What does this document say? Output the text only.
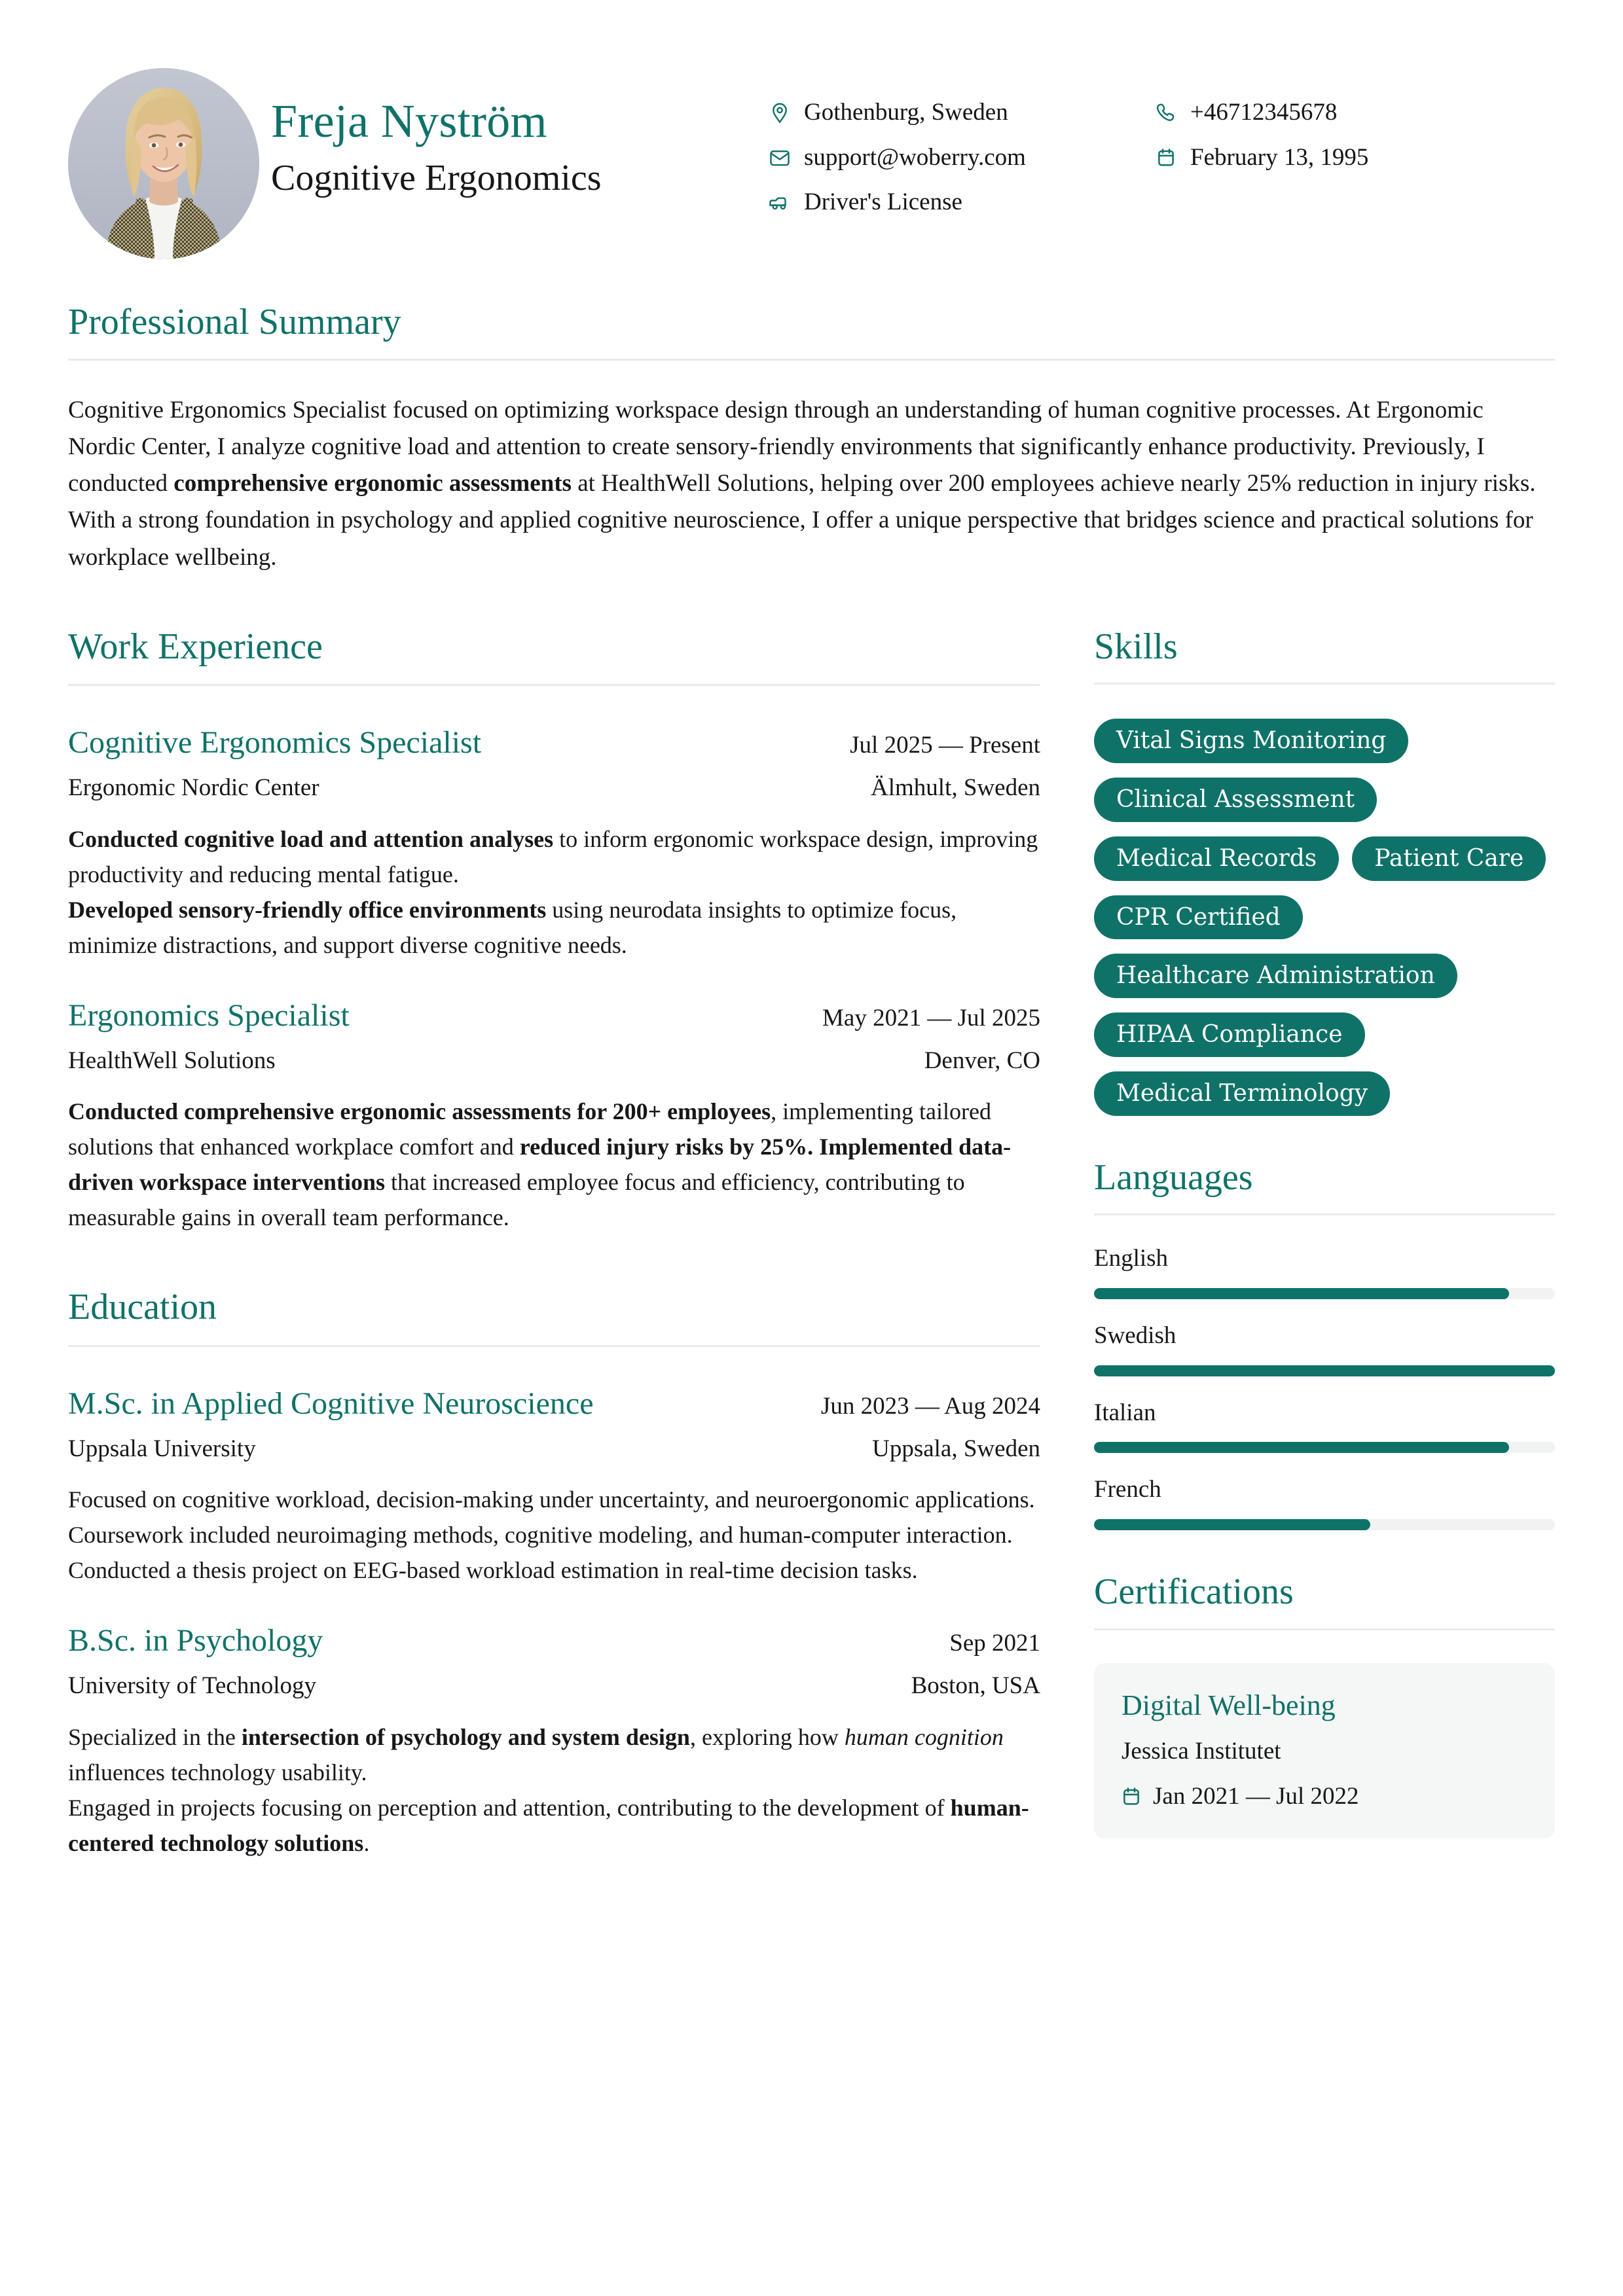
Freja Nyström
Cognitive Ergonomics
Gothenburg, Sweden
support@woberry.com
Driver's License
+46712345678
February 13, 1995
Professional Summary
Cognitive Ergonomics Specialist focused on optimizing workspace design through an understanding of human cognitive processes. At Ergonomic Nordic Center, I analyze cognitive load and attention to create sensory-friendly environments that significantly enhance productivity. Previously, I conducted comprehensive ergonomic assessments at HealthWell Solutions, helping over 200 employees achieve nearly 25% reduction in injury risks. With a strong foundation in psychology and applied cognitive neuroscience, I offer a unique perspective that bridges science and practical solutions for workplace wellbeing.
Work Experience
Cognitive Ergonomics Specialist	Jul 2025 — Present
Ergonomic Nordic Center	Älmhult, Sweden
Conducted cognitive load and attention analyses to inform ergonomic workspace design, improving productivity and reducing mental fatigue.
Developed sensory-friendly office environments using neurodata insights to optimize focus, minimize distractions, and support diverse cognitive needs.
Ergonomics Specialist	May 2021 — Jul 2025
HealthWell Solutions	Denver, CO
Conducted comprehensive ergonomic assessments for 200+ employees, implementing tailored solutions that enhanced workplace comfort and reduced injury risks by 25%. Implemented data-driven workspace interventions that increased employee focus and efficiency, contributing to measurable gains in overall team performance.
Education
M.Sc. in Applied Cognitive Neuroscience	Jun 2023 — Aug 2024
Uppsala University	Uppsala, Sweden
Focused on cognitive workload, decision-making under uncertainty, and neuroergonomic applications. Coursework included neuroimaging methods, cognitive modeling, and human-computer interaction. Conducted a thesis project on EEG-based workload estimation in real-time decision tasks.
B.Sc. in Psychology	Sep 2021
University of Technology	Boston, USA
Specialized in the intersection of psychology and system design, exploring how human cognition influences technology usability.
Engaged in projects focusing on perception and attention, contributing to the development of human-centered technology solutions.
Skills
Vital Signs Monitoring
Clinical Assessment
Medical Records	Patient Care
CPR Certified
Healthcare Administration
HIPAA Compliance
Medical Terminology
Languages
English
Swedish
Italian
French
Certifications
Digital Well-being
Jessica Institutet
Jan 2021 — Jul 2022
